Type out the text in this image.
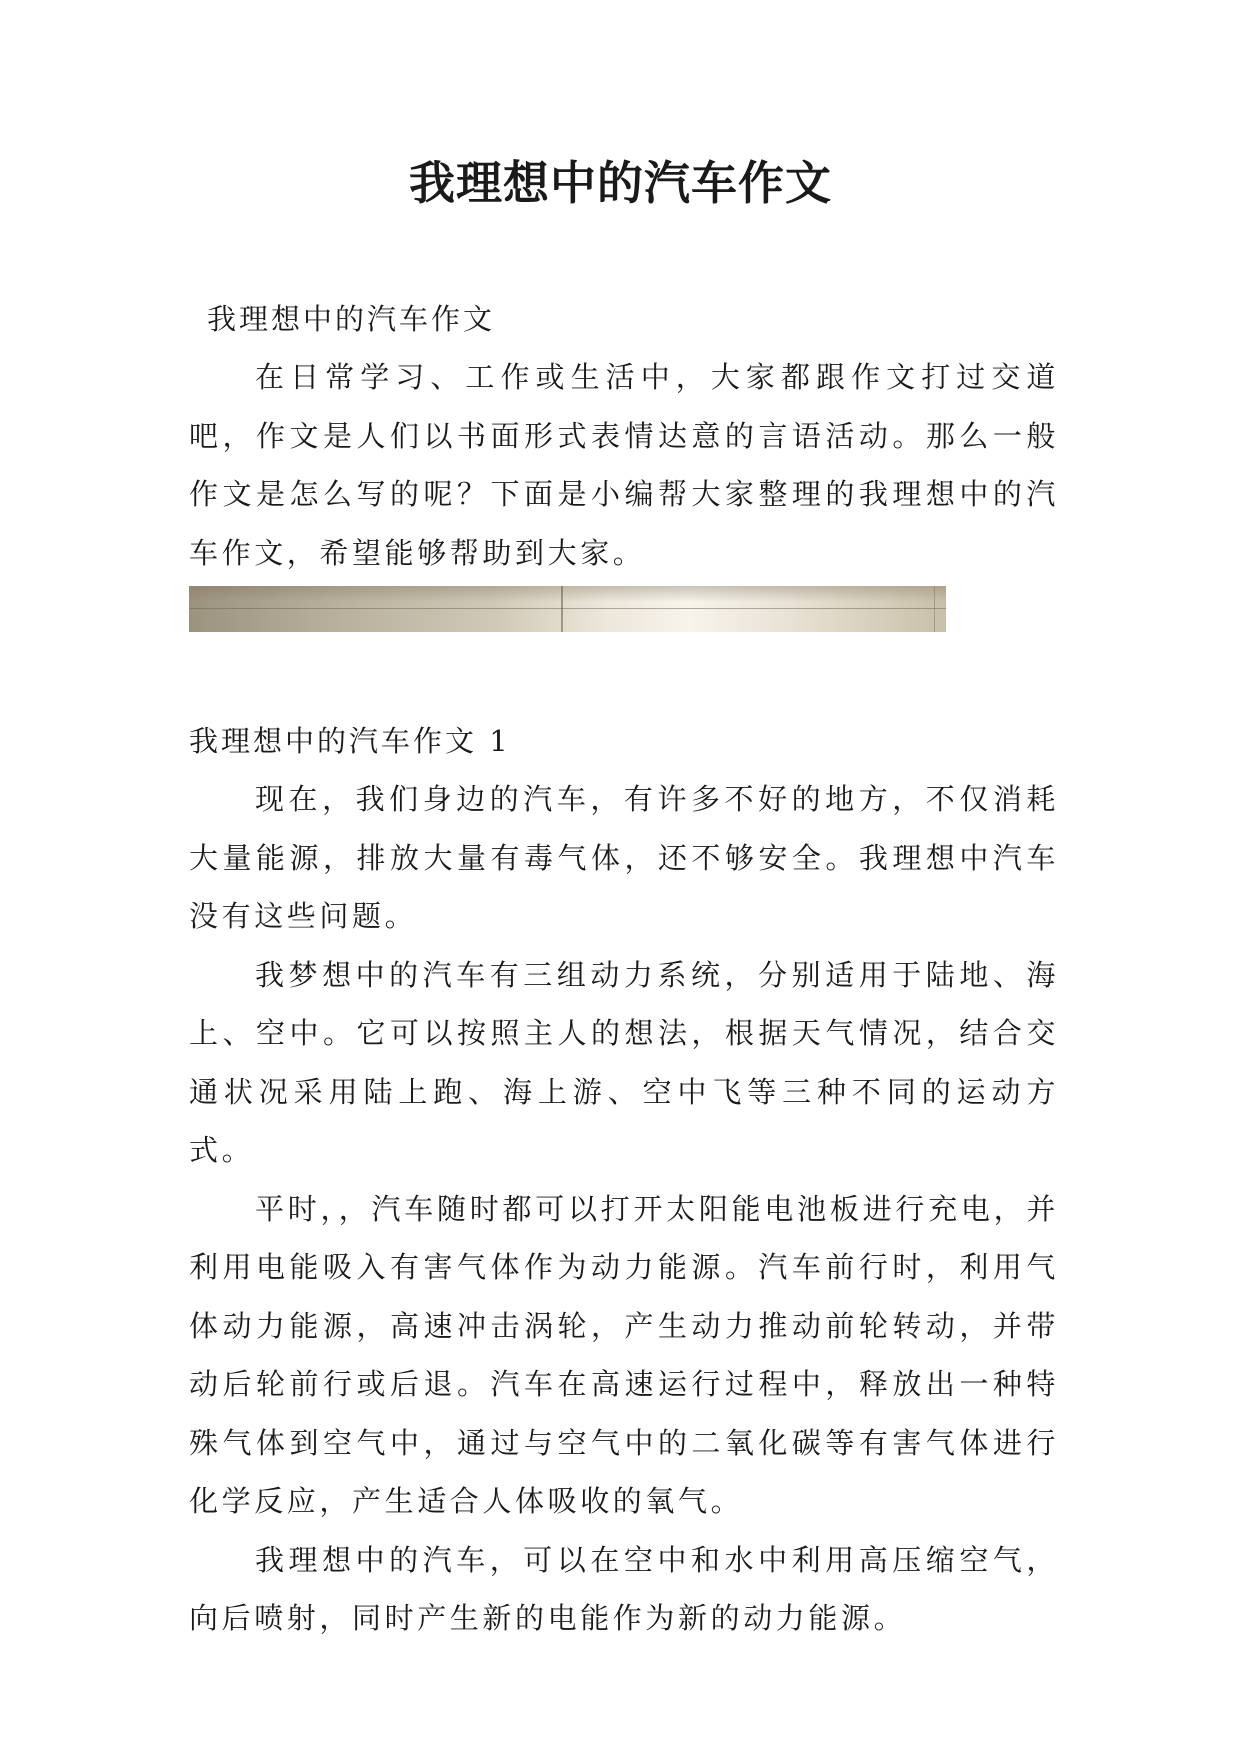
我理想中的汽车作文

我理想中的汽车作文

在日常学习、工作或生活中，大家都跟作文打过交道吧，作文是人们以书面形式表情达意的言语活动。那么一般作文是怎么写的呢？下面是小编帮大家整理的我理想中的汽车作文，希望能够帮助到大家。

我理想中的汽车作文 1

现在，我们身边的汽车，有许多不好的地方，不仅消耗大量能源，排放大量有毒气体，还不够安全。我理想中汽车没有这些问题。

我梦想中的汽车有三组动力系统，分别适用于陆地、海上、空中。它可以按照主人的想法，根据天气情况，结合交通状况采用陆上跑、海上游、空中飞等三种不同的运动方式。

平时，，汽车随时都可以打开太阳能电池板进行充电，并利用电能吸入有害气体作为动力能源。汽车前行时，利用气体动力能源，高速冲击涡轮，产生动力推动前轮转动，并带动后轮前行或后退。汽车在高速运行过程中，释放出一种特殊气体到空气中，通过与空气中的二氧化碳等有害气体进行化学反应，产生适合人体吸收的氧气。

我理想中的汽车，可以在空中和水中利用高压缩空气，向后喷射，同时产生新的电能作为新的动力能源。
